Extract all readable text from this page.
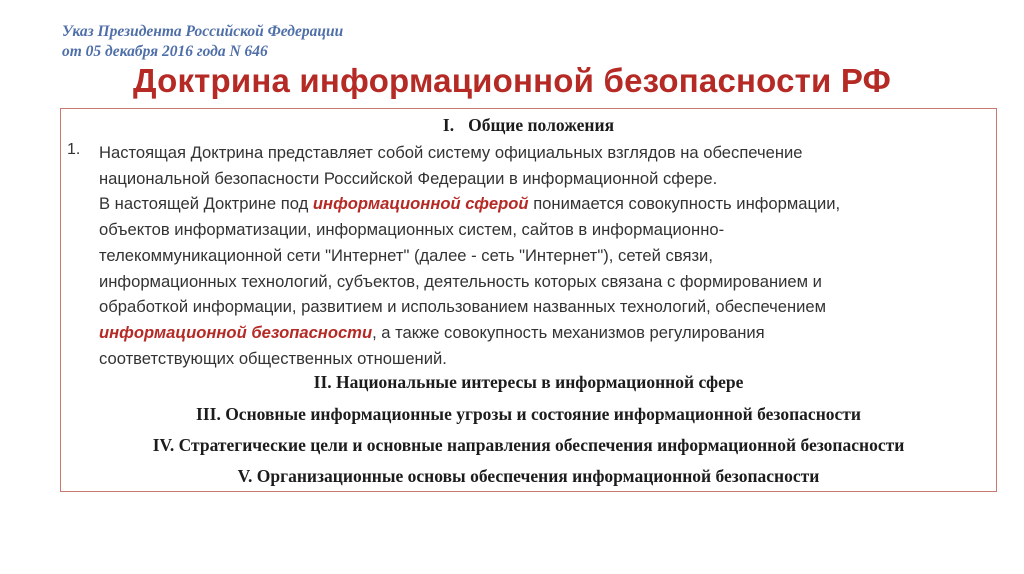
Указ Президента Российской Федерации
от 05 декабря 2016 года N 646
Доктрина информационной безопасности РФ
I. Общие положения
1. Настоящая Доктрина представляет собой систему официальных взглядов на обеспечение
национальной безопасности Российской Федерации в информационной сфере.
В настоящей Доктрине под информационной сферой понимается совокупность информации,
объектов информатизации, информационных систем, сайтов в информационно-
телекоммуникационной сети "Интернет" (далее - сеть "Интернет"), сетей связи,
информационных технологий, субъектов, деятельность которых связана с формированием и
обработкой информации, развитием и использованием названных технологий, обеспечением
информационной безопасности, а также совокупность механизмов регулирования
соответствующих общественных отношений.
II. Национальные интересы в информационной сфере
III. Основные информационные угрозы и состояние информационной безопасности
IV. Стратегические цели и основные направления обеспечения информационной безопасности
V. Организационные основы обеспечения информационной безопасности
